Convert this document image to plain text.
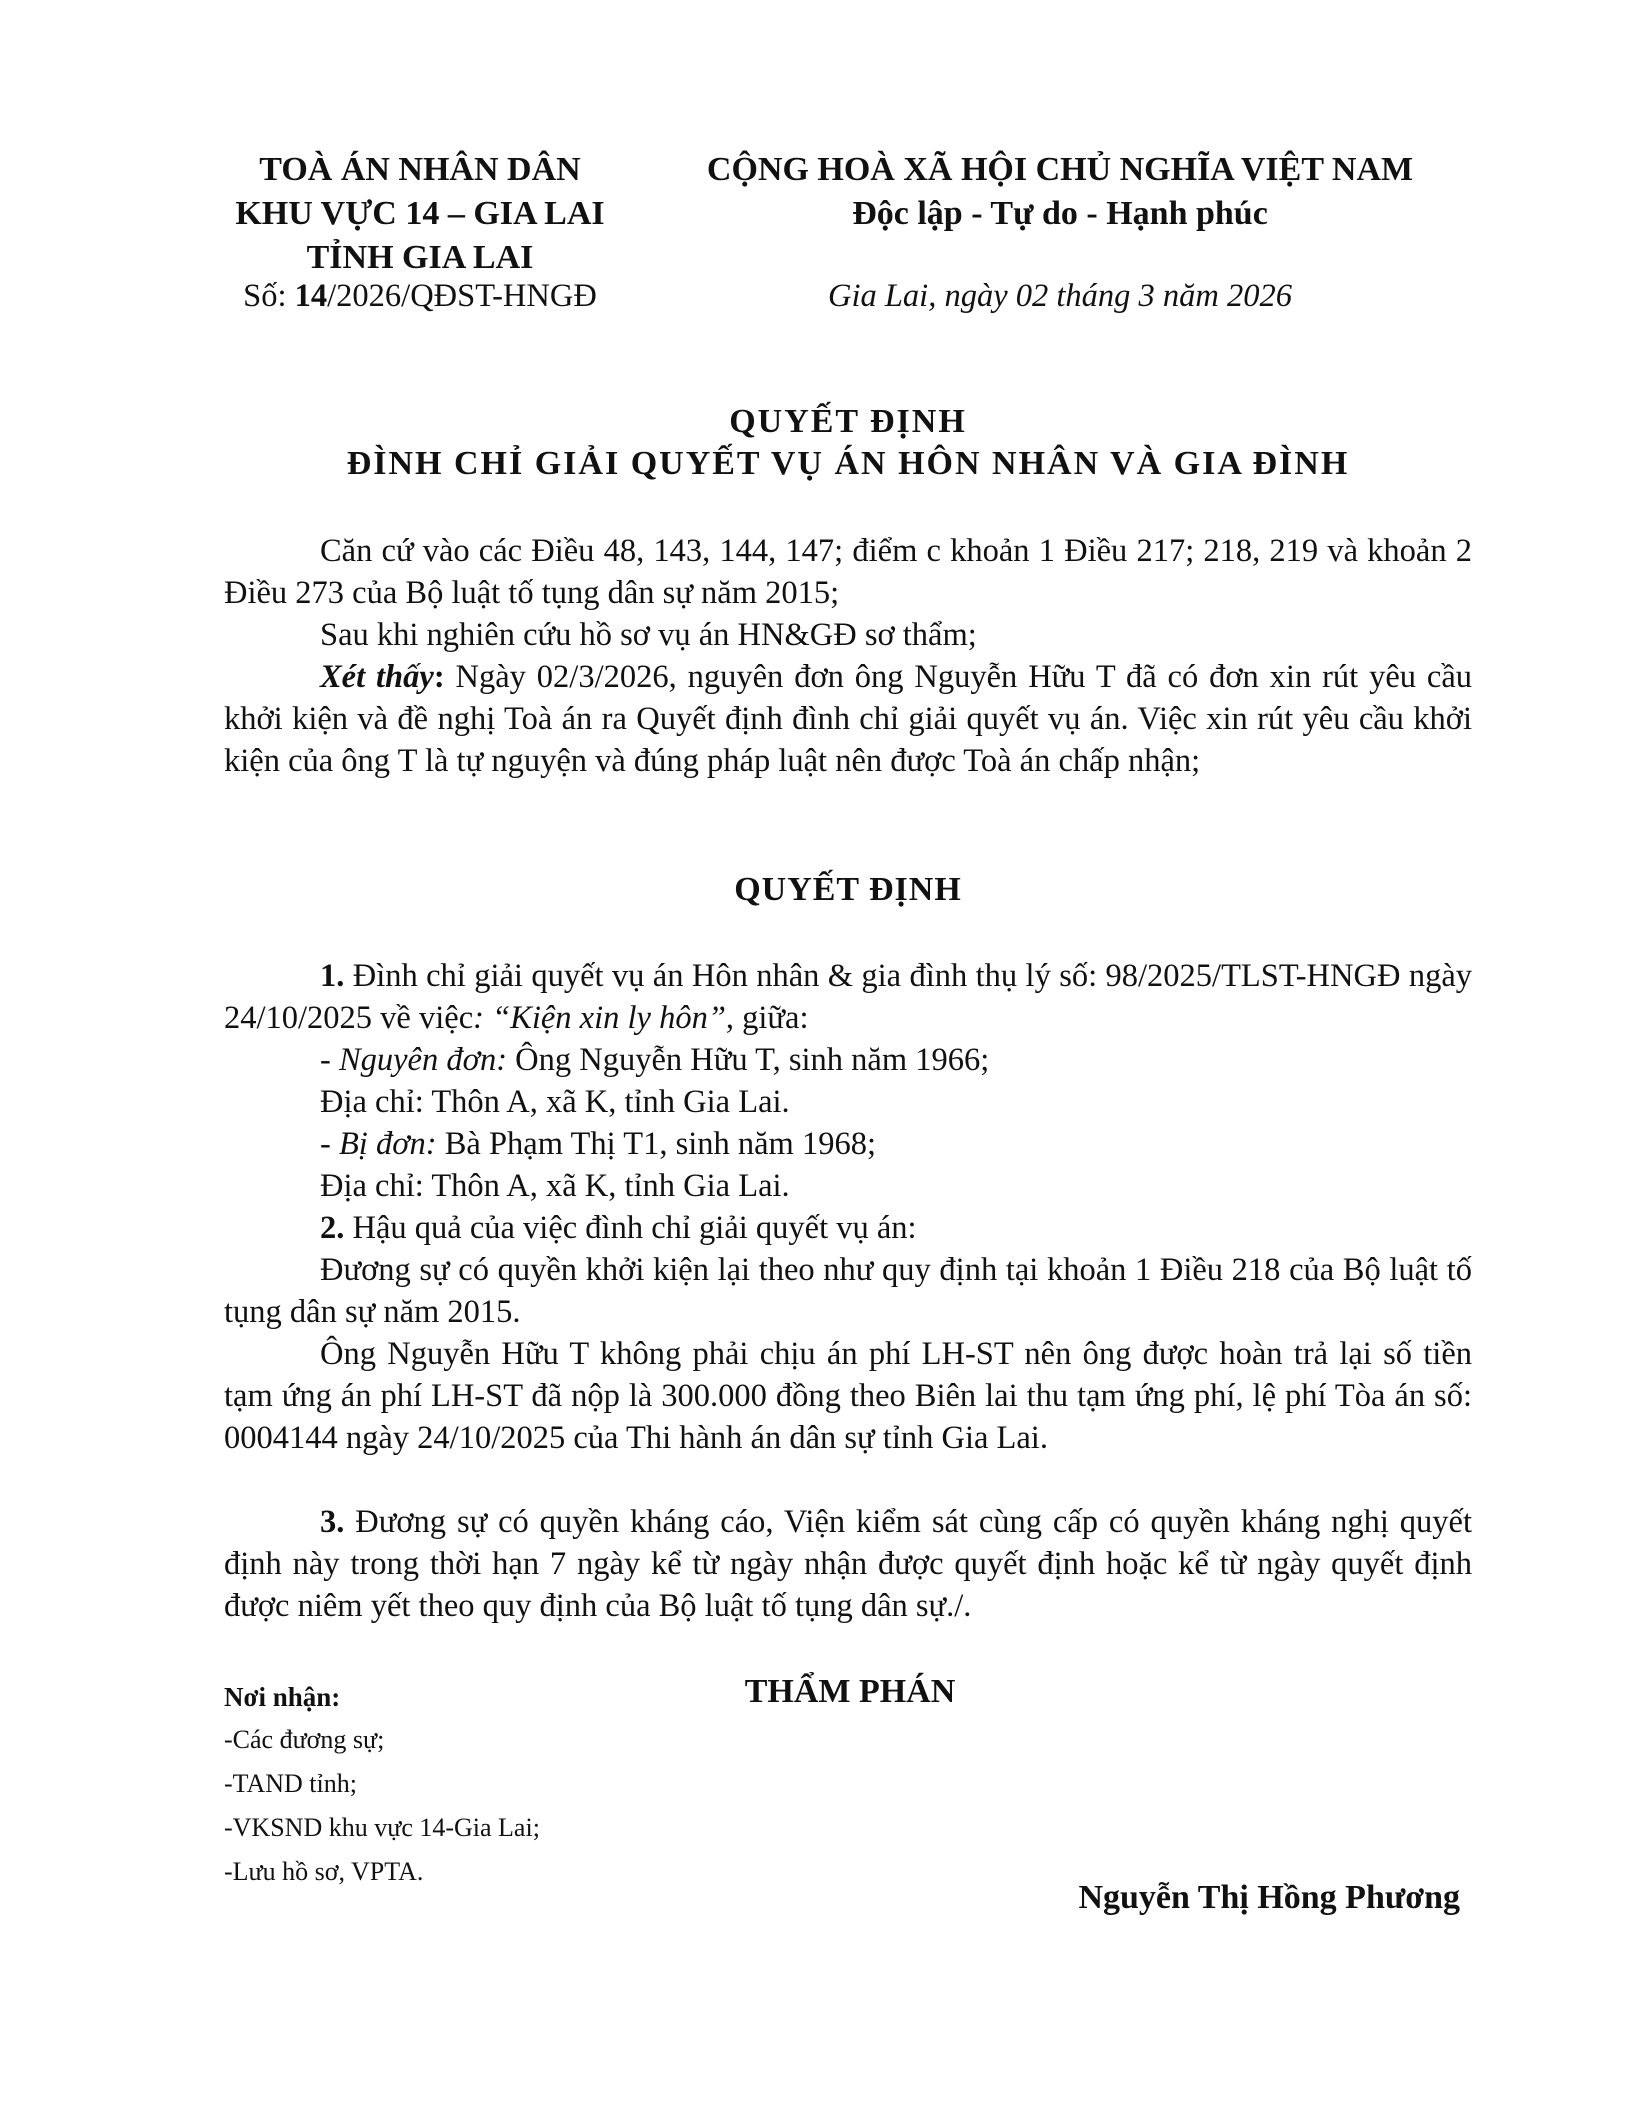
TOÀ ÁN NHÂN DÂN
KHU VỰC 14 – GIA LAI
TỈNH GIA LAI
Số: 14/2026/QĐST-HNGĐ
CỘNG HOÀ XÃ HỘI CHỦ NGHĨA VIỆT NAM
Độc lập - Tự do - Hạnh phúc
Gia Lai, ngày 02 tháng 3 năm 2026
QUYẾT ĐỊNH
ĐÌNH CHỈ GIẢI QUYẾT VỤ ÁN HÔN NHÂN VÀ GIA ĐÌNH
Căn cứ vào các Điều 48, 143, 144, 147; điểm c khoản 1 Điều 217; 218, 219 và khoản 2 Điều 273 của Bộ luật tố tụng dân sự năm 2015;
Sau khi nghiên cứu hồ sơ vụ án HN&GĐ sơ thẩm;
Xét thấy: Ngày 02/3/2026, nguyên đơn ông Nguyễn Hữu T đã có đơn xin rút yêu cầu khởi kiện và đề nghị Toà án ra Quyết định đình chỉ giải quyết vụ án. Việc xin rút yêu cầu khởi kiện của ông T là tự nguyện và đúng pháp luật nên được Toà án chấp nhận;
QUYẾT ĐỊNH
1. Đình chỉ giải quyết vụ án Hôn nhân & gia đình thụ lý số: 98/2025/TLST-HNGĐ ngày 24/10/2025 về việc: “Kiện xin ly hôn”, giữa:
- Nguyên đơn: Ông Nguyễn Hữu T, sinh năm 1966;
Địa chỉ: Thôn A, xã K, tỉnh Gia Lai.
- Bị đơn: Bà Phạm Thị T1, sinh năm 1968;
Địa chỉ: Thôn A, xã K, tỉnh Gia Lai.
2. Hậu quả của việc đình chỉ giải quyết vụ án:
Đương sự có quyền khởi kiện lại theo như quy định tại khoản 1 Điều 218 của Bộ luật tố tụng dân sự năm 2015.
Ông Nguyễn Hữu T không phải chịu án phí LH-ST nên ông được hoàn trả lại số tiền tạm ứng án phí LH-ST đã nộp là 300.000 đồng theo Biên lai thu tạm ứng phí, lệ phí Tòa án số: 0004144 ngày 24/10/2025 của Thi hành án dân sự tỉnh Gia Lai.
3. Đương sự có quyền kháng cáo, Viện kiểm sát cùng cấp có quyền kháng nghị quyết định này trong thời hạn 7 ngày kể từ ngày nhận được quyết định hoặc kể từ ngày quyết định được niêm yết theo quy định của Bộ luật tố tụng dân sự./.
Nơi nhận:
-Các đương sự;
-TAND tỉnh;
-VKSND khu vực 14-Gia Lai;
-Lưu hồ sơ, VPTA.
THẨM PHÁN
Nguyễn Thị Hồng Phương
